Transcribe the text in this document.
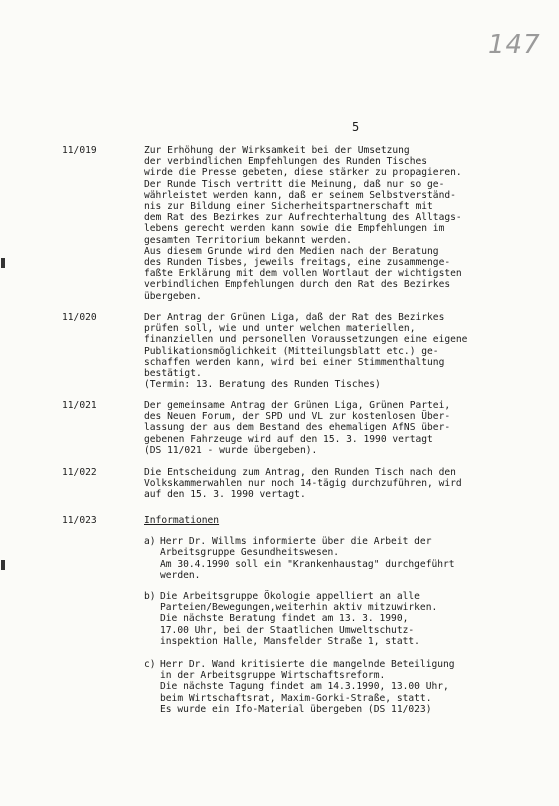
147
5
11/019	Zur Erhöhung der Wirksamkeit bei der Umsetzung
der verbindlichen Empfehlungen des Runden Tisches
wirde die Presse gebeten, diese stärker zu propagieren.
Der Runde Tisch vertritt die Meinung, daß nur so ge-
währleistet werden kann, daß er seinem Selbstverständ-
nis zur Bildung einer Sicherheitspartnerschaft mit
dem Rat des Bezirkes zur Aufrechterhaltung des Alltags-
lebens gerecht werden kann sowie die Empfehlungen im
gesamten Territorium bekannt werden.
Aus diesem Grunde wird den Medien nach der Beratung
des Runden Tisbes, jeweils freitags, eine zusammenge-
faßte Erklärung mit dem vollen Wortlaut der wichtigsten
verbindlichen Empfehlungen durch den Rat des Bezirkes
übergeben.
11/020	Der Antrag der Grünen Liga, daß der Rat des Bezirkes
prüfen soll, wie und unter welchen materiellen,
finanziellen und personellen Voraussetzungen eine eigene
Publikationsmöglichkeit (Mitteilungsblatt etc.) ge-
schaffen werden kann, wird bei einer Stimmenthaltung
bestätigt.
(Termin: 13. Beratung des Runden Tisches)
11/021	Der gemeinsame Antrag der Grünen Liga, Grünen Partei,
des Neuen Forum, der SPD und VL zur kostenlosen Über-
lassung der aus dem Bestand des ehemaligen AfNS über-
gebenen Fahrzeuge wird auf den 15. 3. 1990 vertagt
(DS 11/021 - wurde übergeben).
11/022	Die Entscheidung zum Antrag, den Runden Tisch nach den
Volkskammerwahlen nur noch 14-tägig durchzuführen, wird
auf den 15. 3. 1990 vertagt.
11/023	Informationen
a) Herr Dr. Willms informierte über die Arbeit der
Arbeitsgruppe Gesundheitswesen.
Am 30.4.1990 soll ein "Krankenhaustag" durchgeführt
werden.
b) Die Arbeitsgruppe Ökologie appelliert an alle
Parteien/Bewegungen,weiterhin aktiv mitzuwirken.
Die nächste Beratung findet am 13. 3. 1990,
17.00 Uhr, bei der Staatlichen Umweltschutz-
inspektion Halle, Mansfelder Straße 1, statt.
c) Herr Dr. Wand kritisierte die mangelnde Beteiligung
in der Arbeitsgruppe Wirtschaftsreform.
Die nächste Tagung findet am 14.3.1990, 13.00 Uhr,
beim Wirtschaftsrat, Maxim-Gorki-Straße, statt.
Es wurde ein Ifo-Material übergeben (DS 11/023)
